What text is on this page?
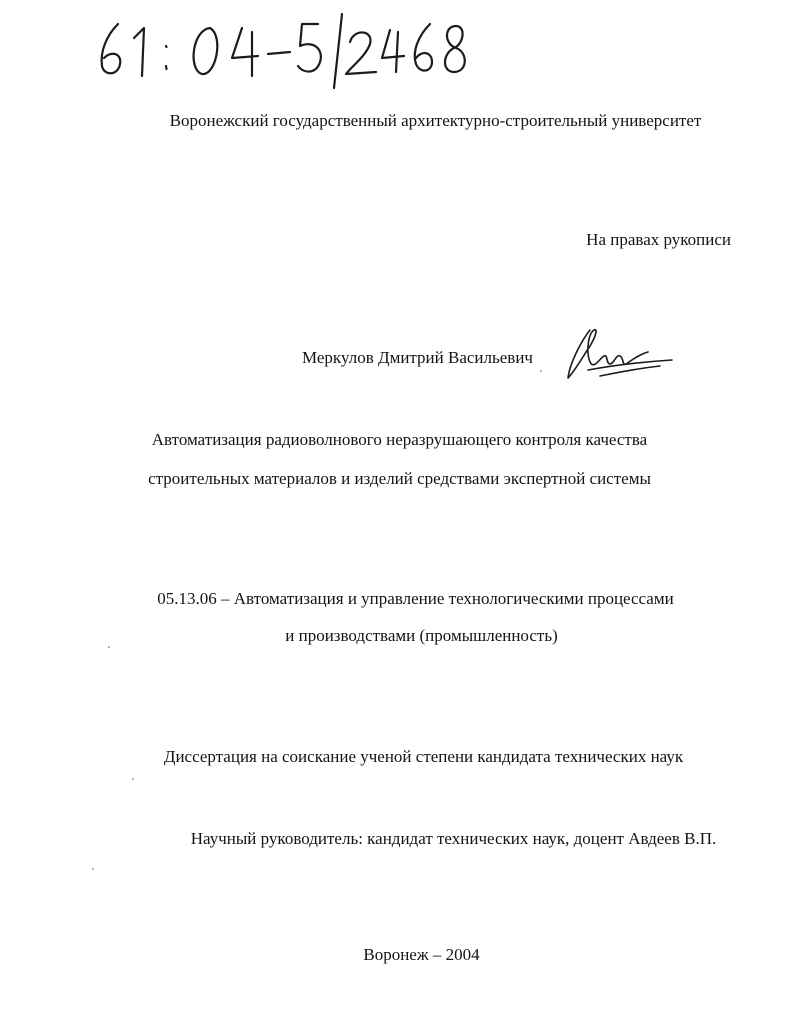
Воронежский государственный архитектурно-строительный университет
На правах рукописи
Меркулов Дмитрий Васильевич
Автоматизация радиоволнового неразрушающего контроля качества
строительных материалов и изделий средствами экспертной системы
05.13.06 – Автоматизация и управление технологическими процессами
и производствами (промышленность)
Диссертация на соискание ученой степени кандидата технических наук
Научный руководитель: кандидат технических наук, доцент Авдеев В.П.
Воронеж – 2004
